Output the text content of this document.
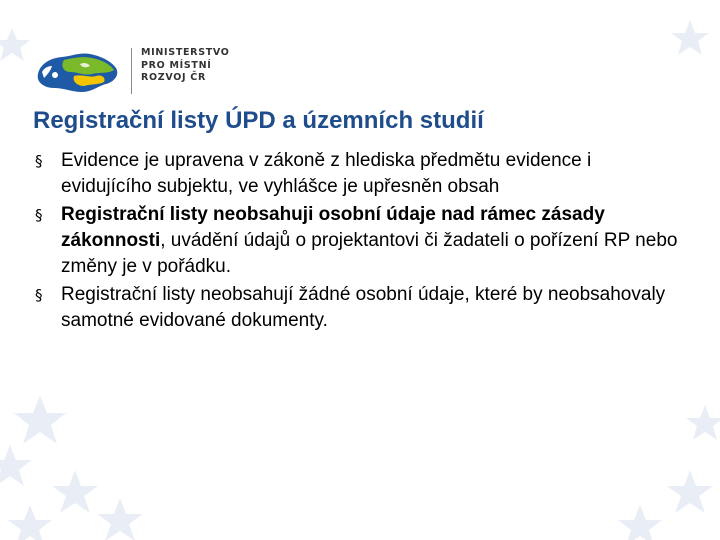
MINISTERSTVO
PRO MÍSTNÍ
ROZVOJ ČR
Registrační listy ÚPD a územních studií
§ Evidence je upravena v zákoně z hlediska předmětu evidence i evidujícího subjektu, ve vyhlášce je upřesněn obsah
§ Registrační listy neobsahuji osobní údaje nad rámec zásady zákonnosti, uvádění údajů o projektantovi či žadateli o pořízení RP nebo změny je v pořádku.
§ Registrační listy neobsahují žádné osobní údaje, které by neobsahovaly samotné evidované dokumenty.
